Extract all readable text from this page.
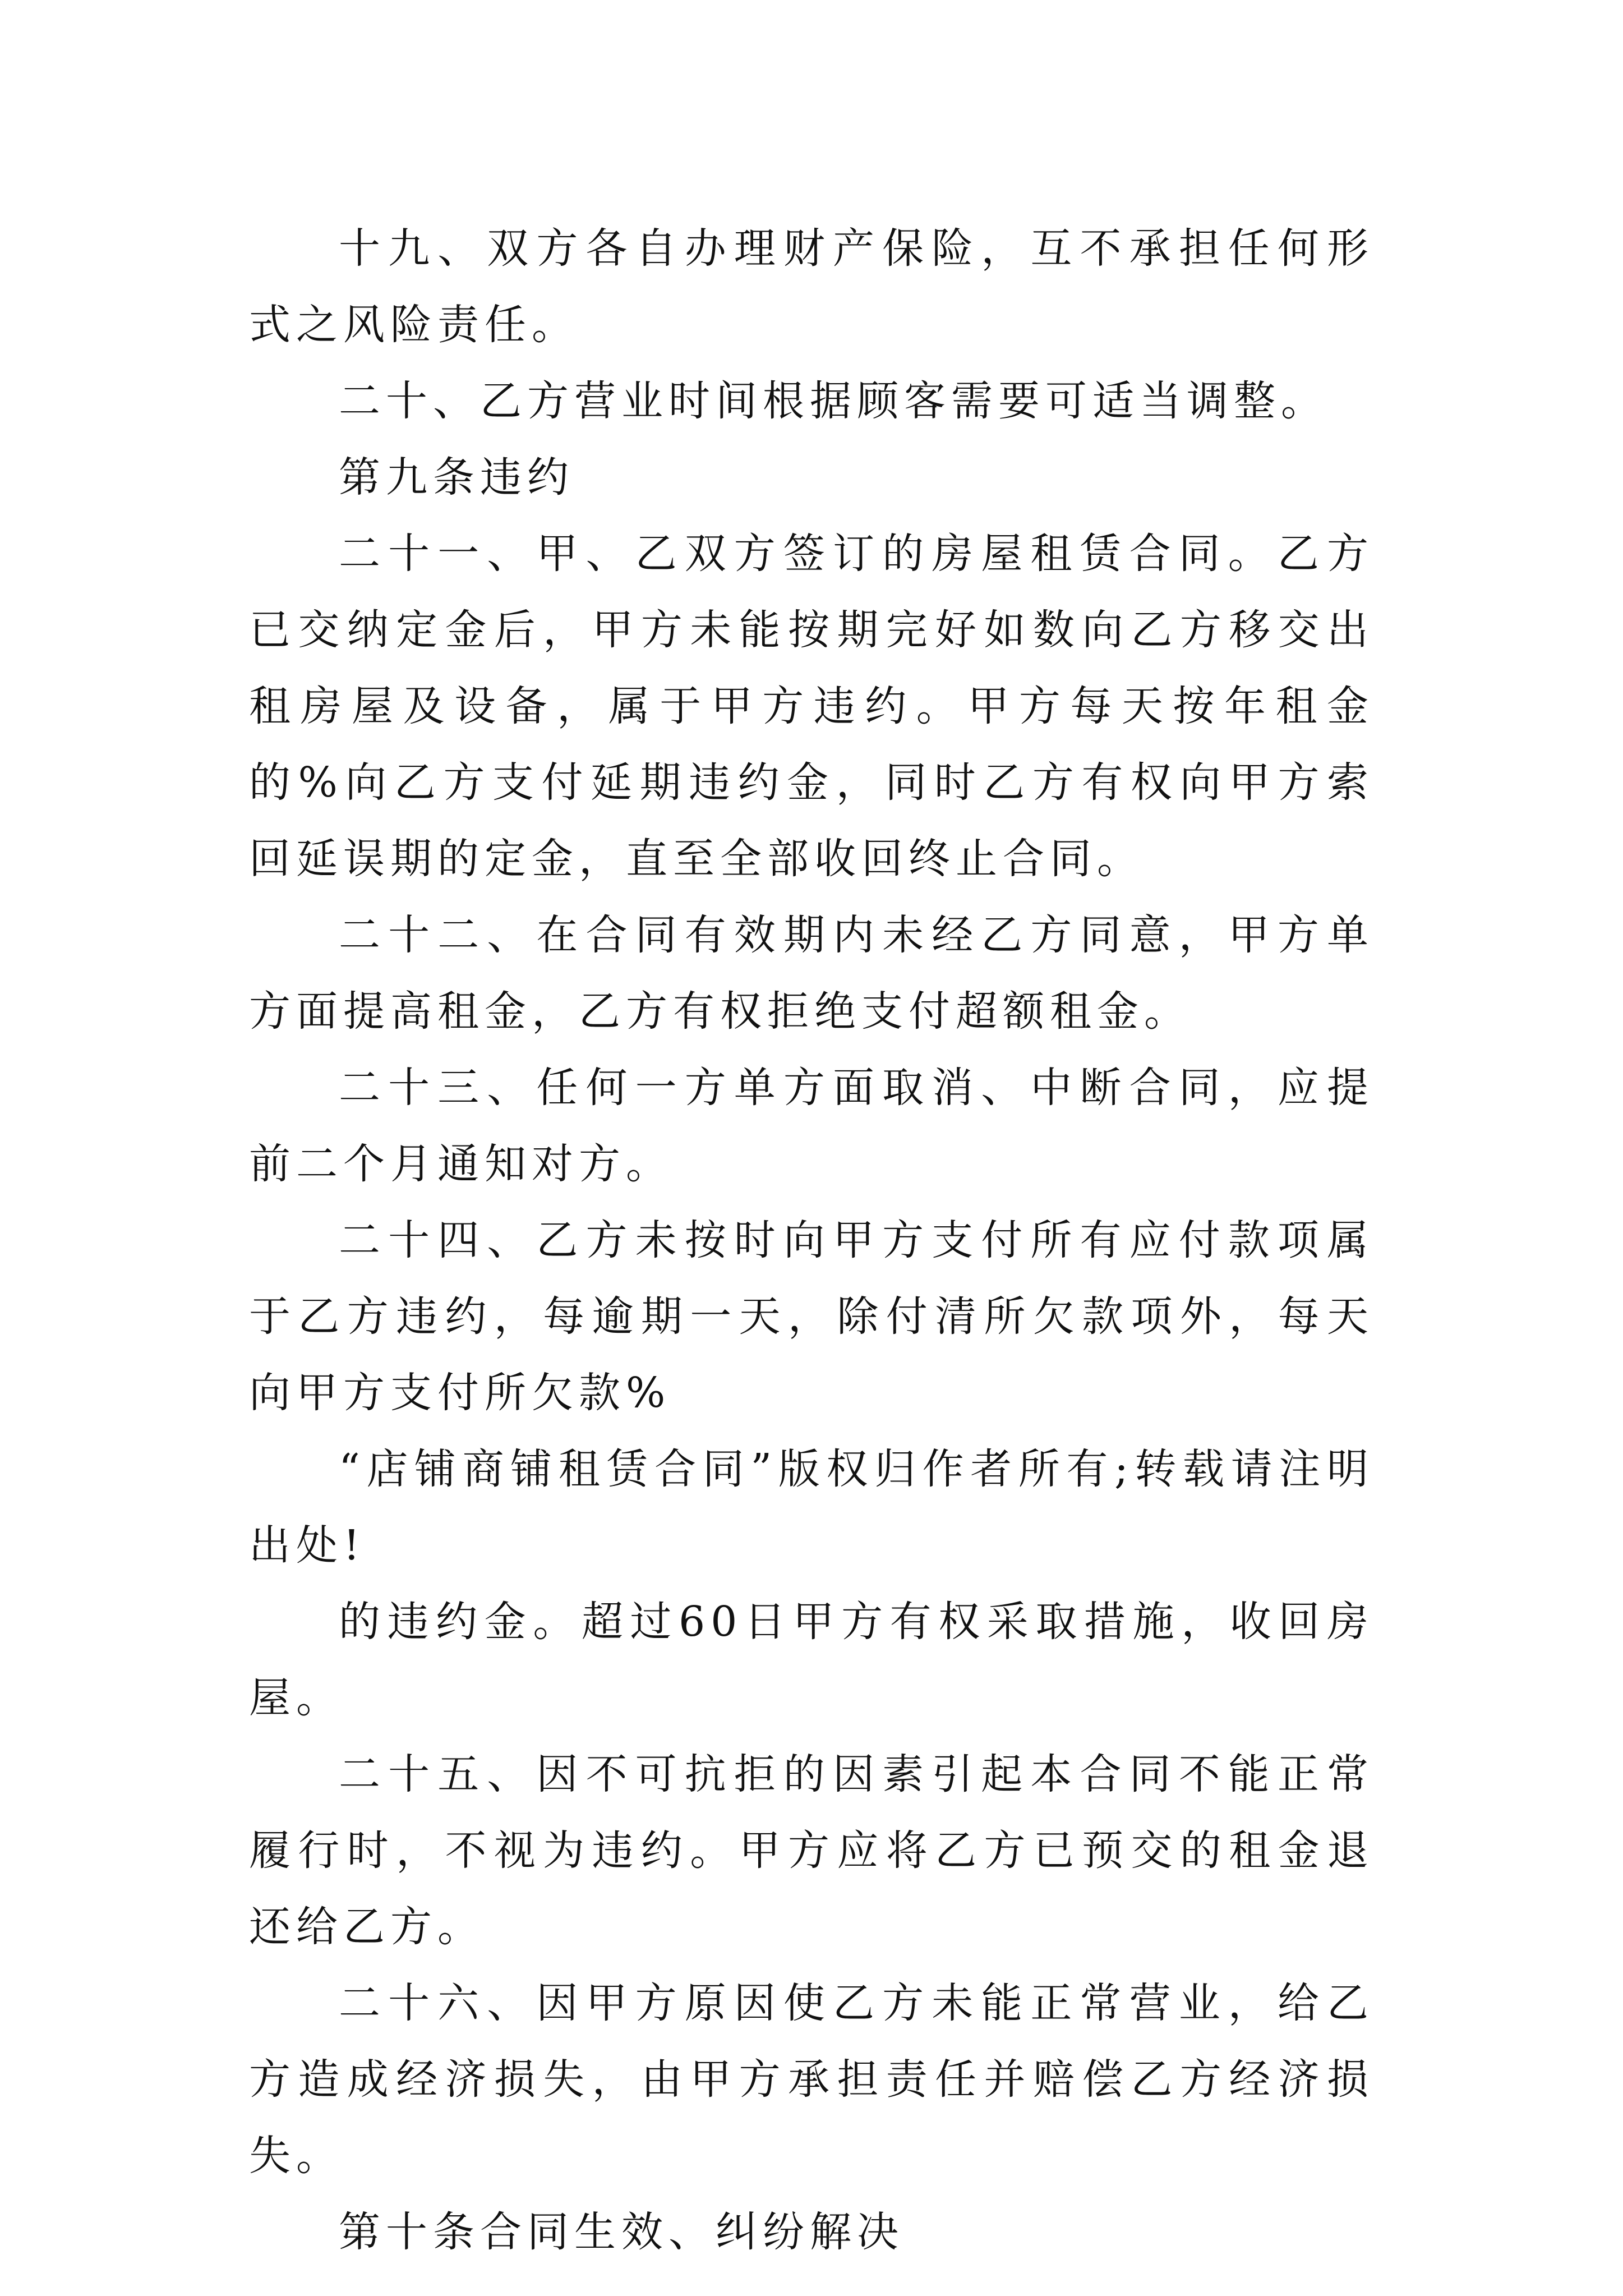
十九、双方各自办理财产保险，互不承担任何形式之风险责任。

二十、乙方营业时间根据顾客需要可适当调整。

第九条违约

二十一、甲、乙双方签订的房屋租赁合同。乙方已交纳定金后，甲方未能按期完好如数向乙方移交出租房屋及设备，属于甲方违约。甲方每天按年租金的%向乙方支付延期违约金，同时乙方有权向甲方索回延误期的定金，直至全部收回终止合同。

二十二、在合同有效期内未经乙方同意，甲方单方面提高租金，乙方有权拒绝支付超额租金。

二十三、任何一方单方面取消、中断合同，应提前二个月通知对方。

二十四、乙方未按时向甲方支付所有应付款项属于乙方违约，每逾期一天，除付清所欠款项外，每天向甲方支付所欠款%

“店铺商铺租赁合同”版权归作者所有;转载请注明出处!

的违约金。超过60日甲方有权采取措施，收回房屋。

二十五、因不可抗拒的因素引起本合同不能正常履行时，不视为违约。甲方应将乙方已预交的租金退还给乙方。

二十六、因甲方原因使乙方未能正常营业，给乙方造成经济损失，由甲方承担责任并赔偿乙方经济损失。

第十条合同生效、纠纷解决
